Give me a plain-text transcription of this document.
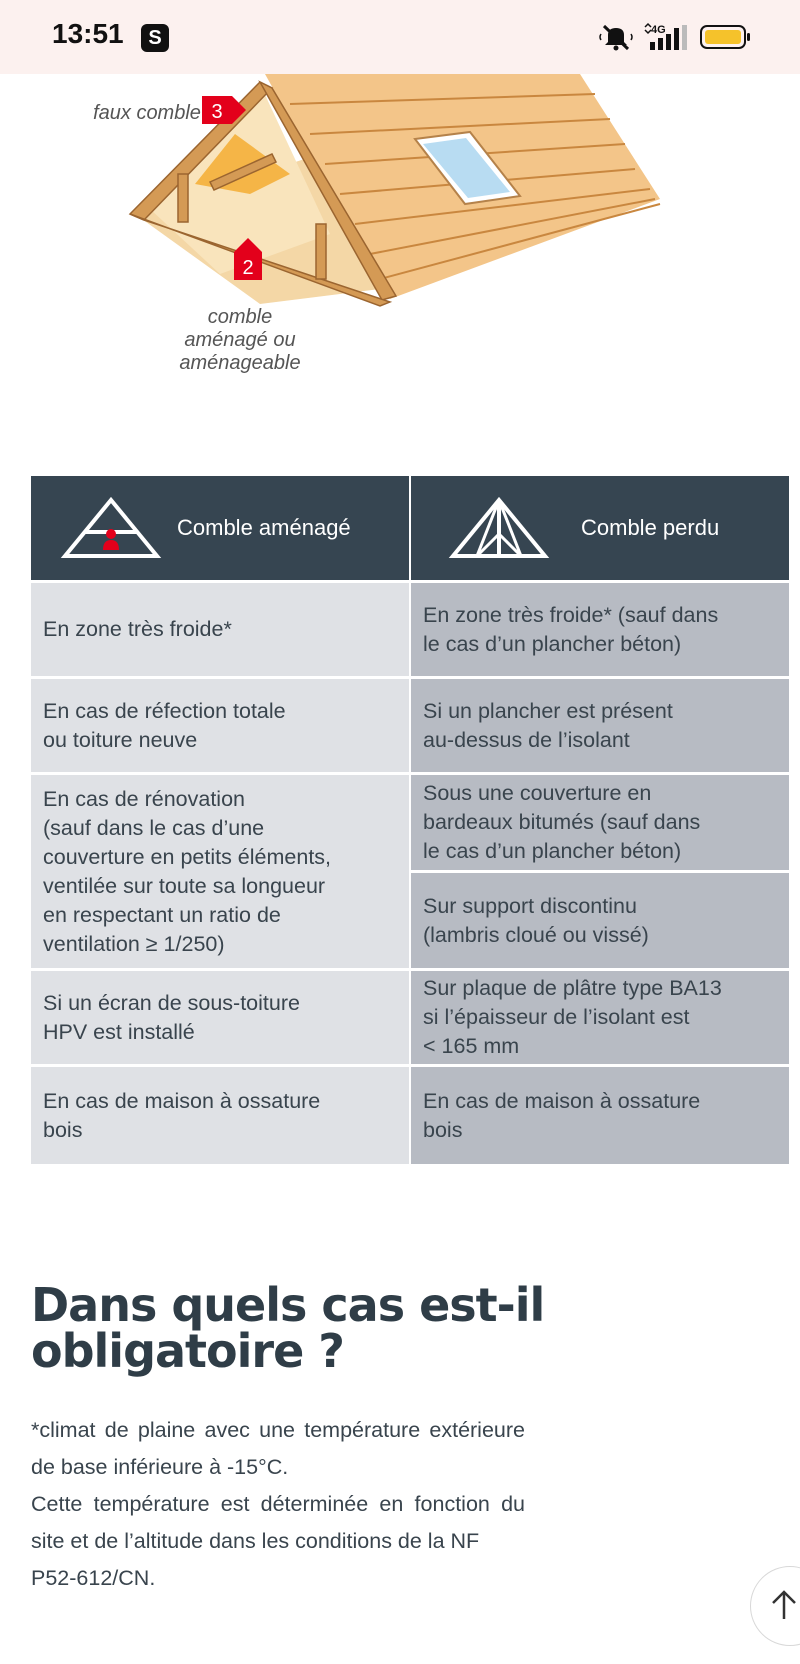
13:51	S	4G
3
2
faux comble
comble
aménagé ou
aménageable
Comble aménagé
En zone très froide*
En cas de réfection totale
ou toiture neuve
En cas de rénovation
(sauf dans le cas d’une
couverture en petits éléments,
ventilée sur toute sa longueur
en respectant un ratio de
ventilation ≥ 1/250)
Si un écran de sous-toiture
HPV est installé
En cas de maison à ossature
bois
Comble perdu
En zone très froide* (sauf dans
le cas d’un plancher béton)
Si un plancher est présent
au-dessus de l’isolant
Sous une couverture en
bardeaux bitumés (sauf dans
le cas d’un plancher béton)
Sur support discontinu
(lambris cloué ou vissé)
Sur plaque de plâtre type BA13
si l’épaisseur de l’isolant est
< 165 mm
En cas de maison à ossature
bois
Dans quels cas est-il obligatoire ?

*climat de plaine avec une température extérieure de base inférieure à -15°C.

Cette température est déterminée en fonction du site et de l’altitude dans les conditions de la NF

P52-612/CN.
